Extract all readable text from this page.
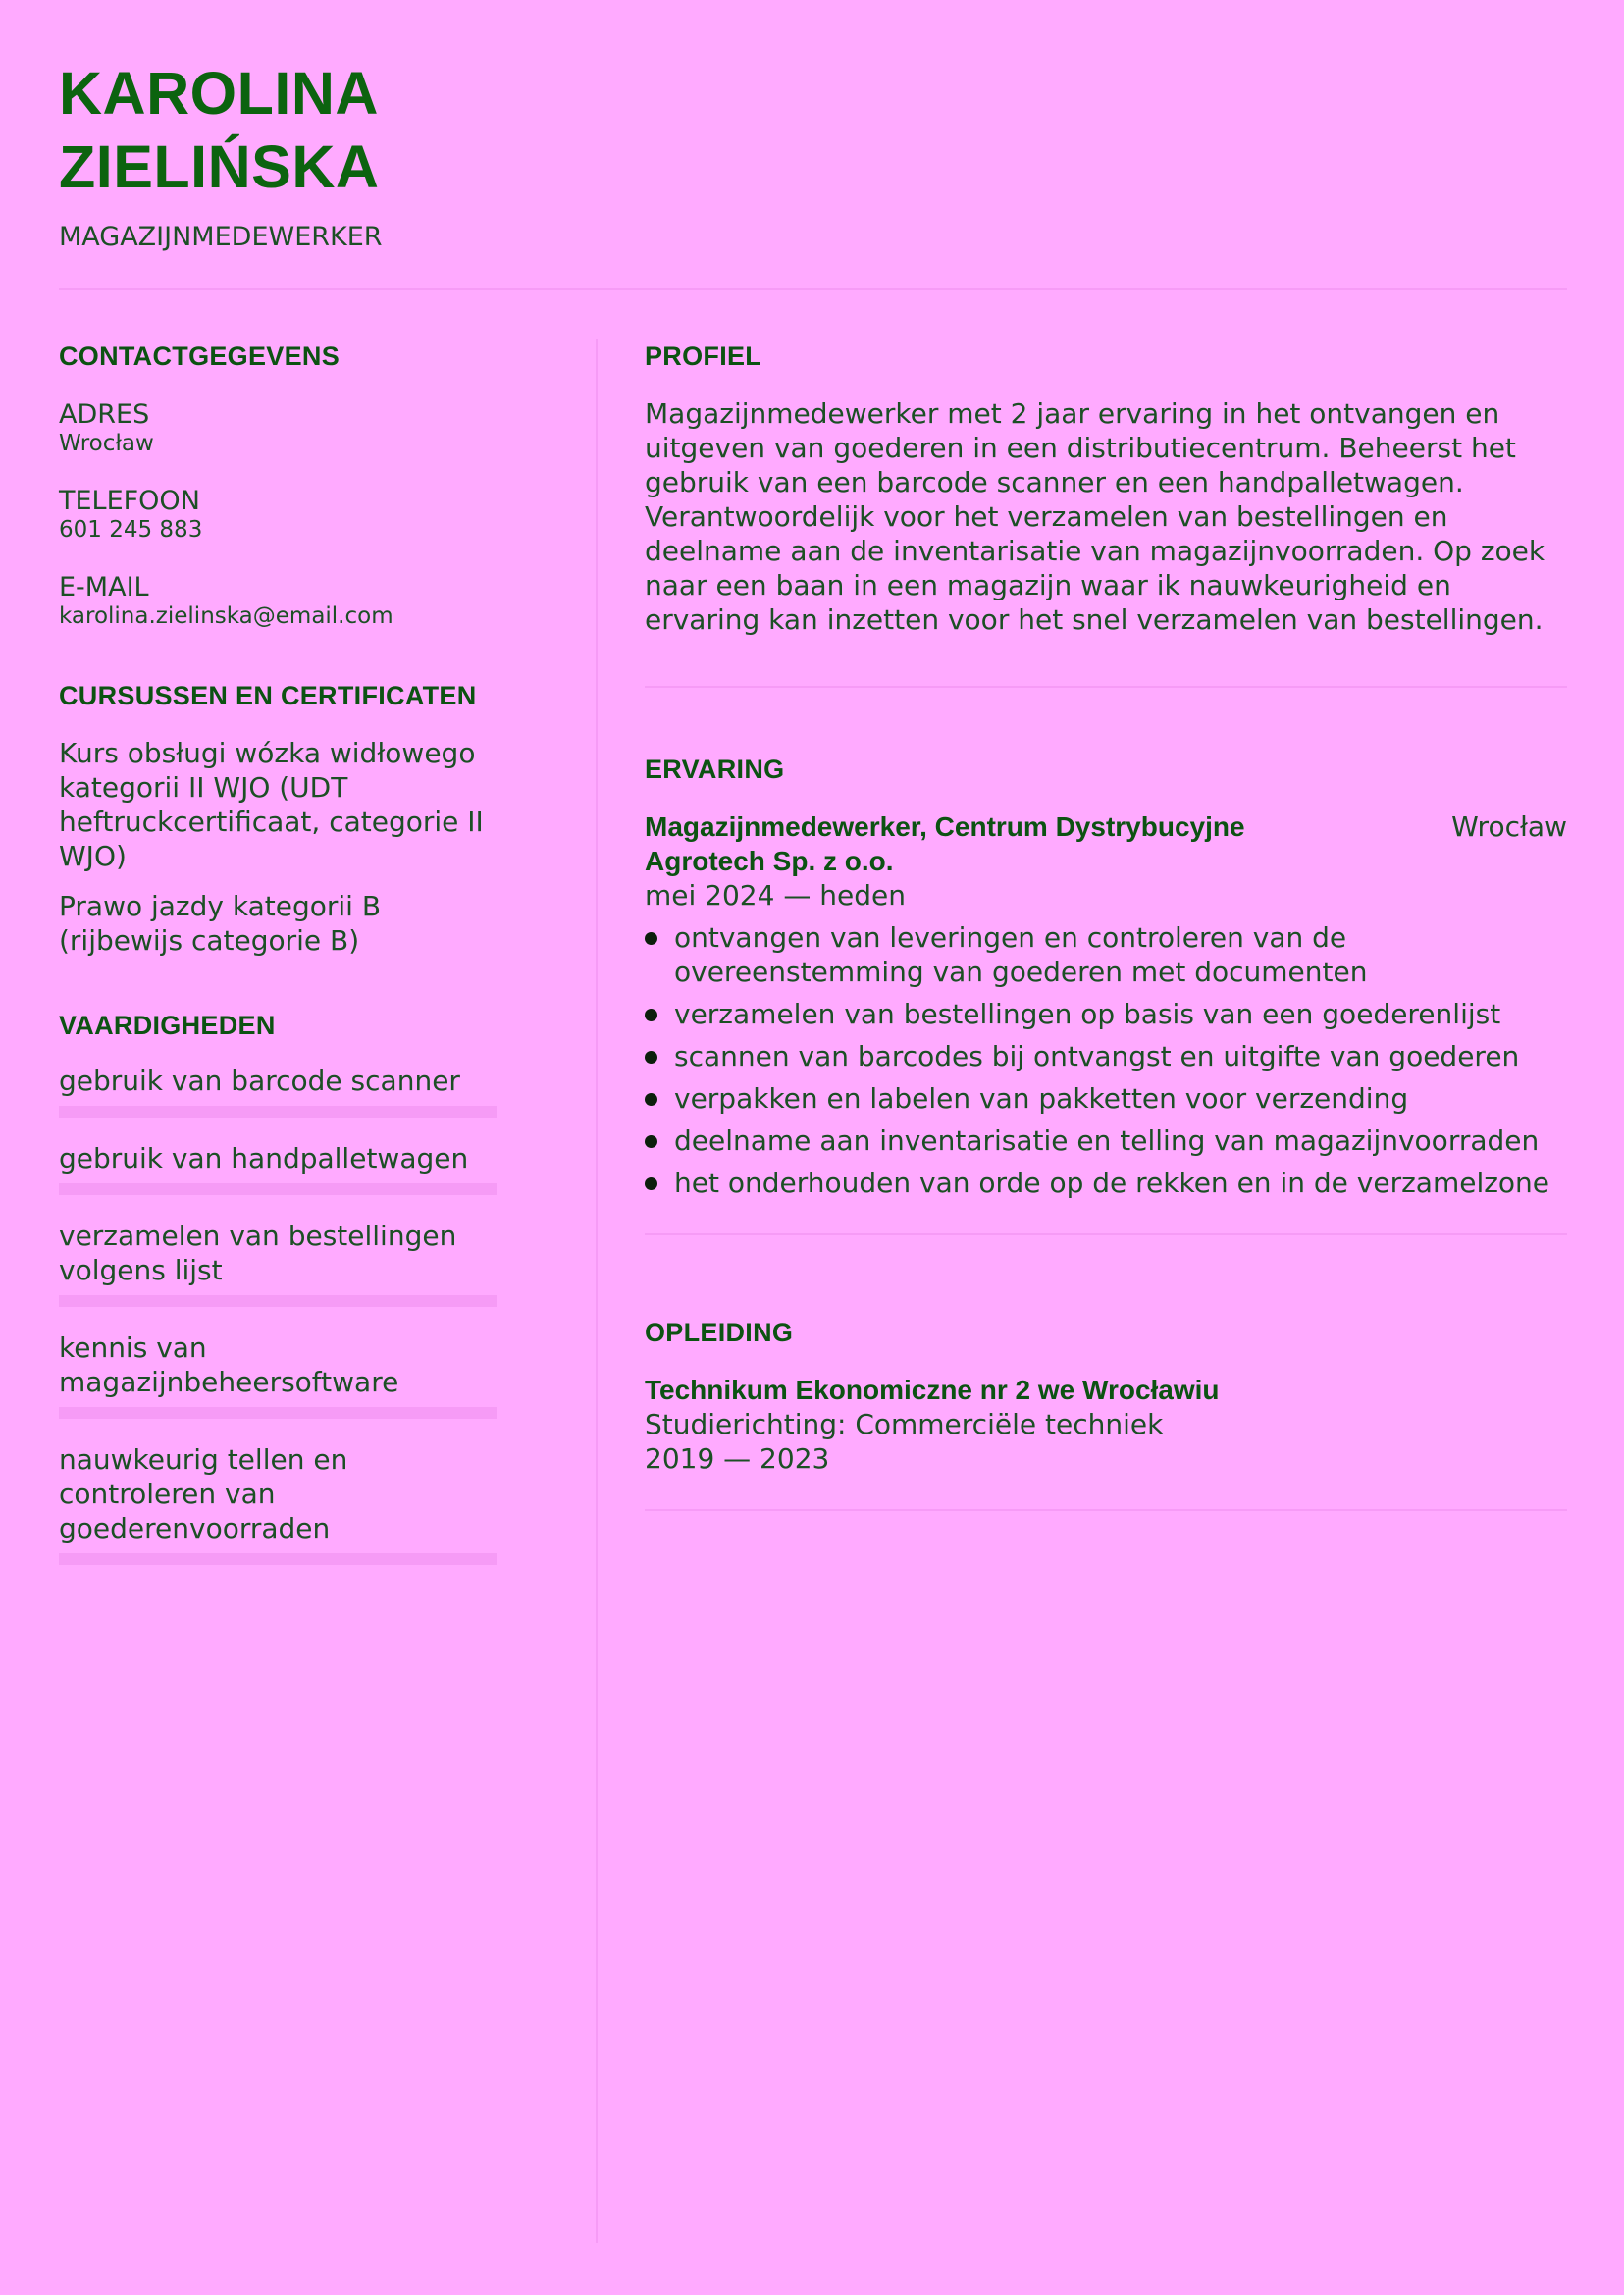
KAROLINA
ZIELIŃSKA
MAGAZIJNMEDEWERKER
CONTACTGEGEVENS
ADRES
Wrocław
TELEFOON
601 245 883
E-MAIL
karolina.zielinska@email.com
CURSUSSEN EN CERTIFICATEN
Kurs obsługi wózka widłowego kategorii II WJO (UDT heftruckcertificaat, categorie II WJO)
Prawo jazdy kategorii B (rijbewijs categorie B)
VAARDIGHEDEN
gebruik van barcode scanner
gebruik van handpalletwagen
verzamelen van bestellingen volgens lijst
kennis van magazijnbeheersoftware
nauwkeurig tellen en controleren van goederenvoorraden
PROFIEL
Magazijnmedewerker met 2 jaar ervaring in het ontvangen en uitgeven van goederen in een distributiecentrum. Beheerst het gebruik van een barcode scanner en een handpalletwagen. Verantwoordelijk voor het verzamelen van bestellingen en deelname aan de inventarisatie van magazijnvoorraden. Op zoek naar een baan in een magazijn waar ik nauwkeurigheid en ervaring kan inzetten voor het snel verzamelen van bestellingen.
ERVARING
Magazijnmedewerker, Centrum Dystrybucyjne Agrotech Sp. z o.o.
Wrocław
mei 2024 — heden
ontvangen van leveringen en controleren van de overeenstemming van goederen met documenten
verzamelen van bestellingen op basis van een goederenlijst
scannen van barcodes bij ontvangst en uitgifte van goederen
verpakken en labelen van pakketten voor verzending
deelname aan inventarisatie en telling van magazijnvoorraden
het onderhouden van orde op de rekken en in de verzamelzone
OPLEIDING
Technikum Ekonomiczne nr 2 we Wrocławiu
Studierichting: Commerciële techniek
2019 — 2023
